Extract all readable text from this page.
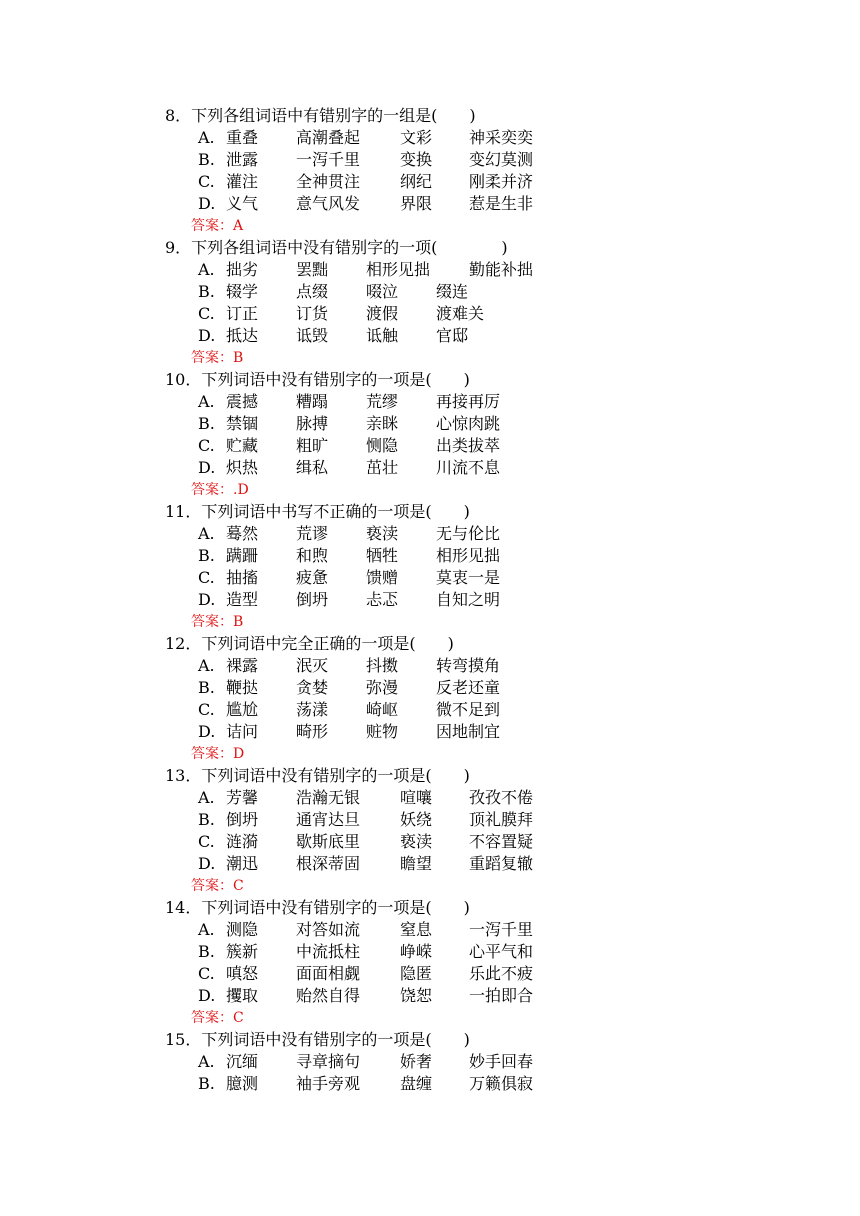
8．下列各组词语中有错别字的一组是(　　)
A. 重叠 高潮叠起 文彩 神采奕奕
B. 泄露 一泻千里 变换 变幻莫测
C. 灌注 全神贯注 纲纪 刚柔并济
D. 义气 意气风发 界限 惹是生非
答案：A
9．下列各组词语中没有错别字的一项(　　　　)
A. 拙劣 罢黜 相形见拙 勤能补拙
B. 辍学 点缀 啜泣 缀连
C. 订正 订货 渡假 渡难关
D. 抵达 诋毁 诋触 官邸
答案：B
10．下列词语中没有错别字的一项是(　　)
A. 震撼 糟蹋 荒缪 再接再厉
B. 禁锢 脉搏 亲眯 心惊肉跳
C. 贮藏 粗旷 恻隐 出类拔萃
D. 炽热 缉私 茁壮 川流不息
答案：.D
11．下列词语中书写不正确的一项是(　　)
A. 蓦然 荒谬 亵渎 无与伦比
B. 蹒跚 和煦 牺牲 相形见拙
C. 抽搐 疲惫 馈赠 莫衷一是
D. 造型 倒坍 忐忑 自知之明
答案：B
12．下列词语中完全正确的一项是(　　)
A. 裸露 泯灭 抖擞 转弯摸角
B. 鞭挞 贪婪 弥漫 反老还童
C. 尴尬 荡漾 崎岖 微不足到
D. 诘问 畸形 赃物 因地制宜
答案：D
13．下列词语中没有错别字的一项是(　　)
A. 芳馨 浩瀚无银 喧嚷 孜孜不倦
B. 倒坍 通宵达旦 妖绕 顶礼膜拜
C. 涟漪 歇斯底里 亵渎 不容置疑
D. 潮迅 根深蒂固 瞻望 重蹈复辙
答案：C
14．下列词语中没有错别字的一项是(　　)
A. 测隐 对答如流 窒息 一泻千里
B. 簇新 中流抵柱 峥嵘 心平气和
C. 嗔怒 面面相觑 隐匿 乐此不疲
D. 攫取 贻然自得 饶恕 一拍即合
答案：C
15．下列词语中没有错别字的一项是(　　)
A. 沉缅 寻章摘句 娇奢 妙手回春
B. 臆测 袖手旁观 盘缠 万籁俱寂
